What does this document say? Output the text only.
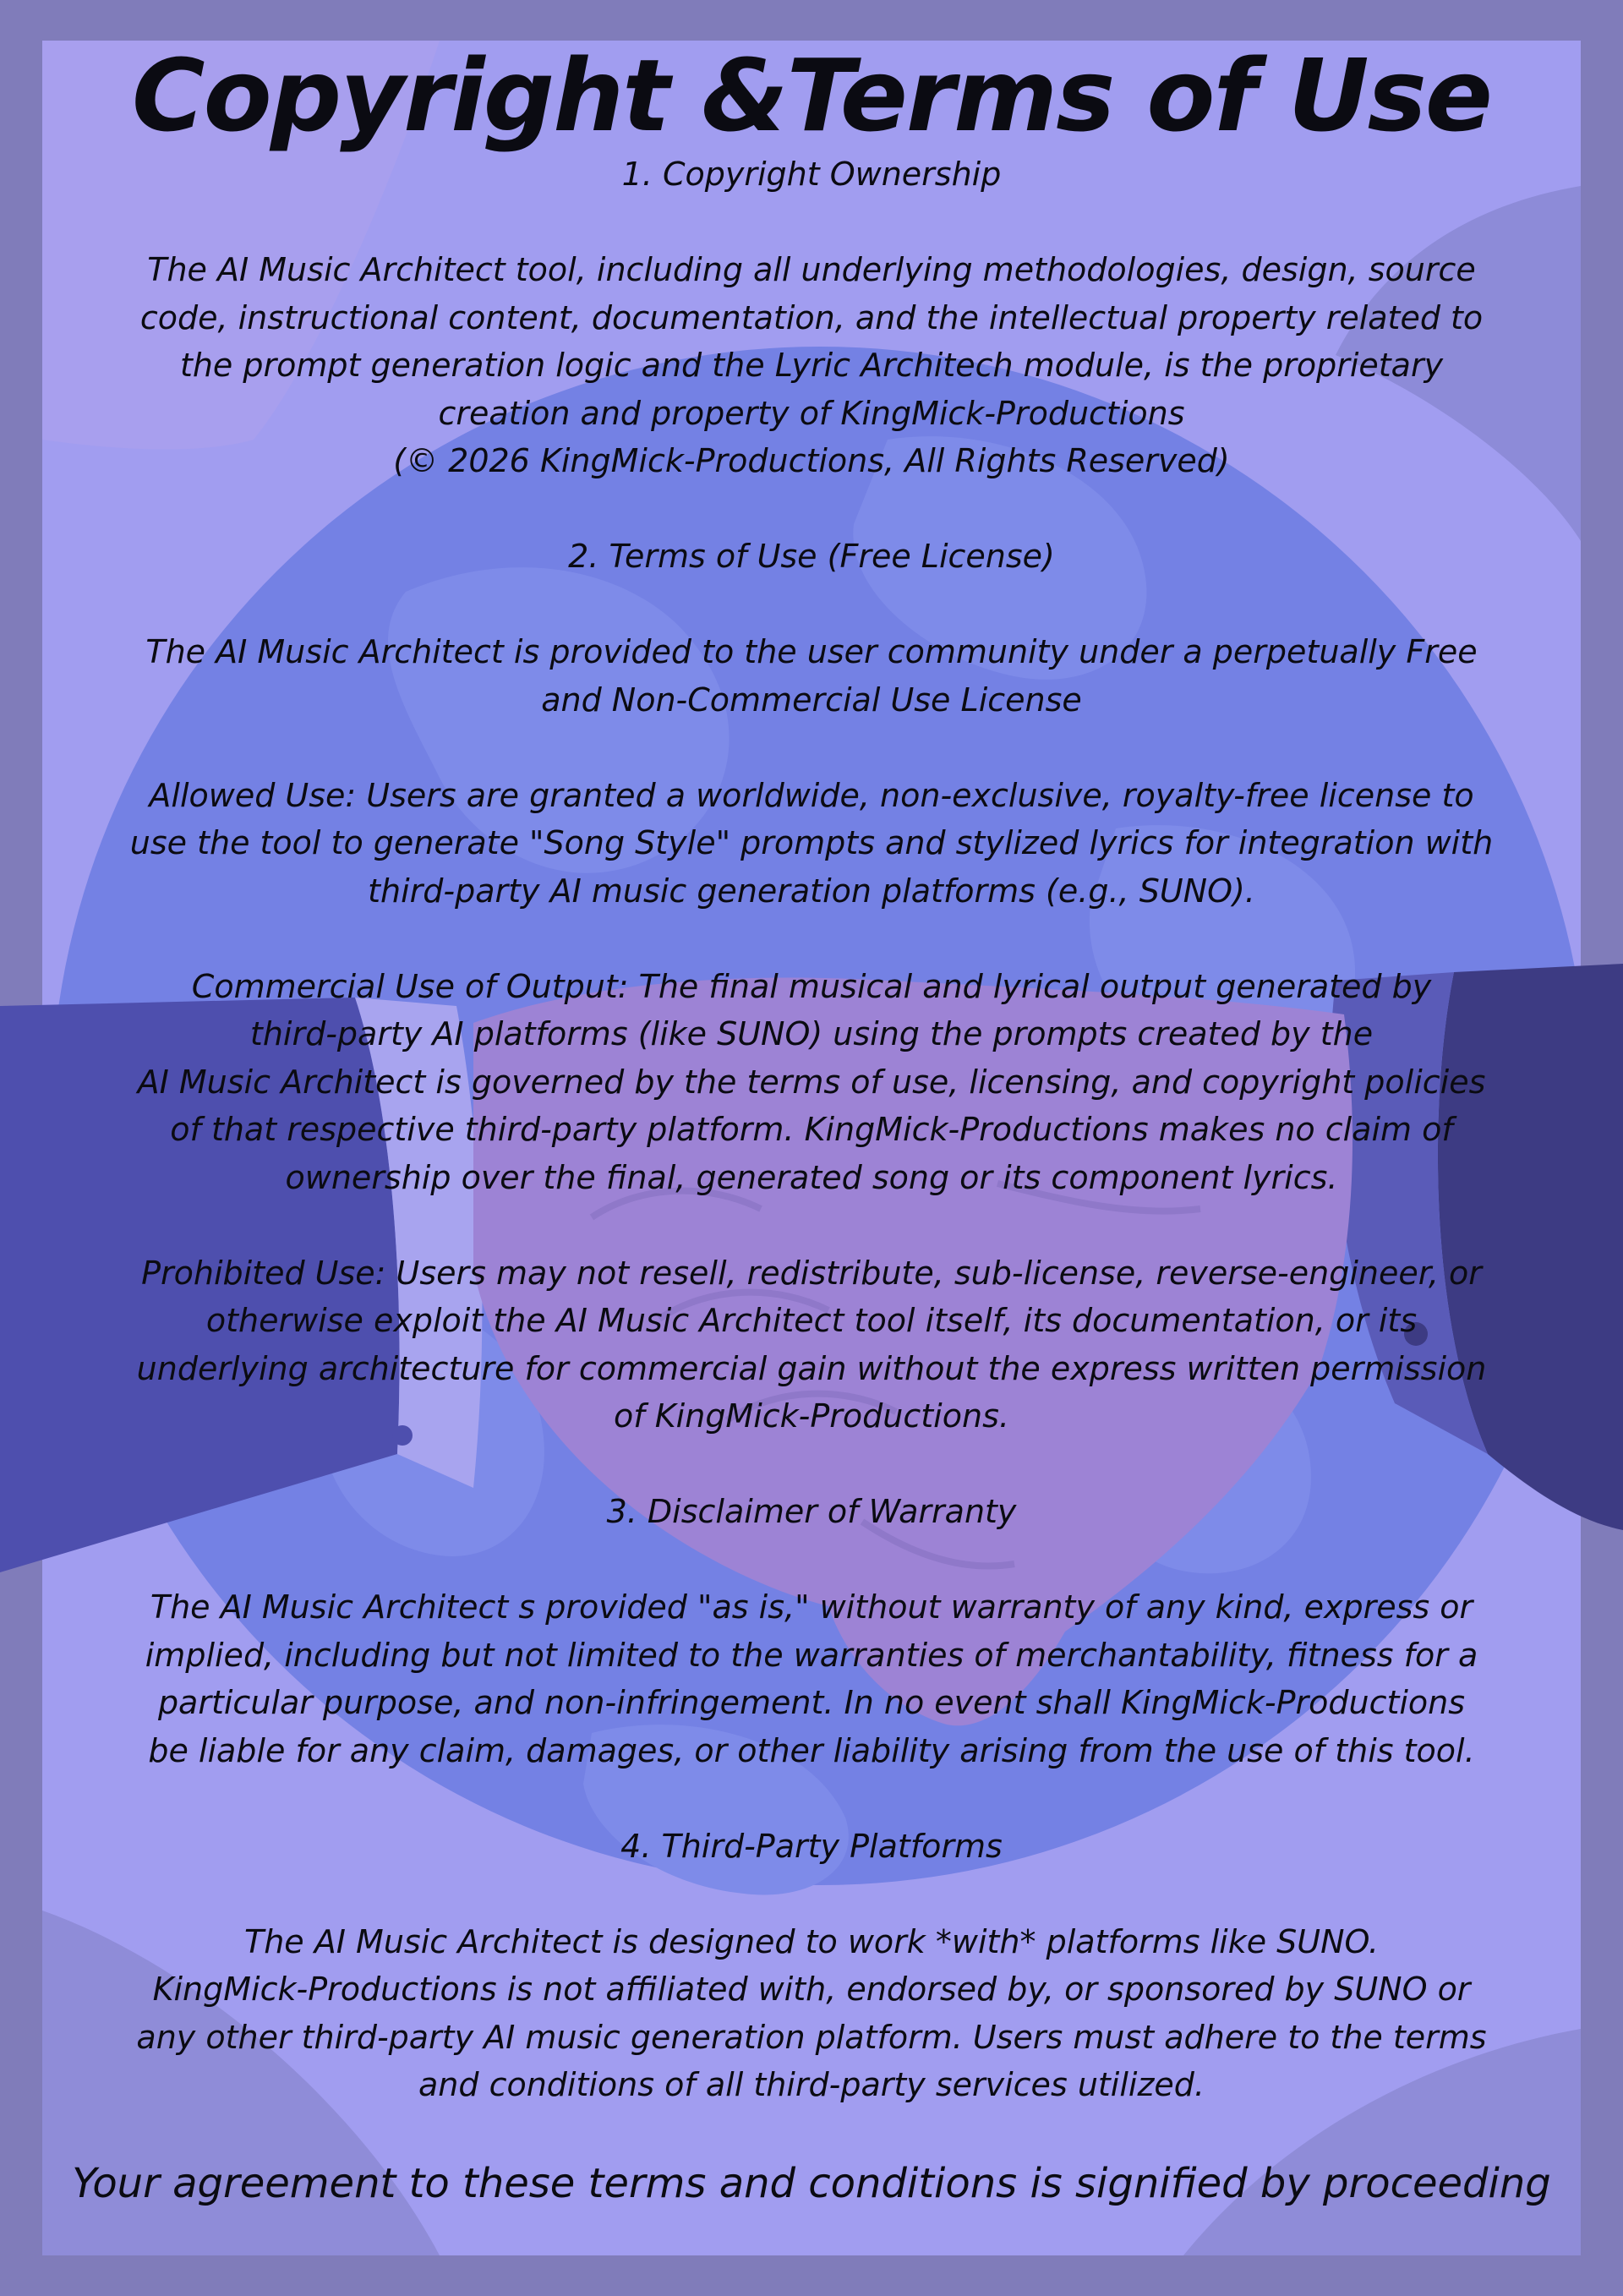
Copyright &Terms of Use

1. Copyright Ownership

The AI Music Architect tool, including all underlying methodologies, design, source
code, instructional content, documentation, and the intellectual property related to
the prompt generation logic and the Lyric Architech module, is the proprietary
creation and property of KingMick-Productions
(© 2026 KingMick-Productions, All Rights Reserved)

2. Terms of Use (Free License)

The AI Music Architect is provided to the user community under a perpetually Free
and Non-Commercial Use License

Allowed Use: Users are granted a worldwide, non-exclusive, royalty-free license to
use the tool to generate "Song Style" prompts and stylized lyrics for integration with
third-party AI music generation platforms (e.g., SUNO).

Commercial Use of Output: The final musical and lyrical output generated by
third-party AI platforms (like SUNO) using the prompts created by the
AI Music Architect is governed by the terms of use, licensing, and copyright policies
of that respective third-party platform. KingMick-Productions makes no claim of
ownership over the final, generated song or its component lyrics.

Prohibited Use: Users may not resell, redistribute, sub-license, reverse-engineer, or
otherwise exploit the AI Music Architect tool itself, its documentation, or its
underlying architecture for commercial gain without the express written permission
of KingMick-Productions.

3. Disclaimer of Warranty

The AI Music Architect s provided "as is," without warranty of any kind, express or
implied, including but not limited to the warranties of merchantability, fitness for a
particular purpose, and non-infringement. In no event shall KingMick-Productions
be liable for any claim, damages, or other liability arising from the use of this tool.

4. Third-Party Platforms

The AI Music Architect is designed to work *with* platforms like SUNO.
KingMick-Productions is not affiliated with, endorsed by, or sponsored by SUNO or
any other third-party AI music generation platform. Users must adhere to the terms
and conditions of all third-party services utilized.

Your agreement to these terms and conditions is signified by proceeding
